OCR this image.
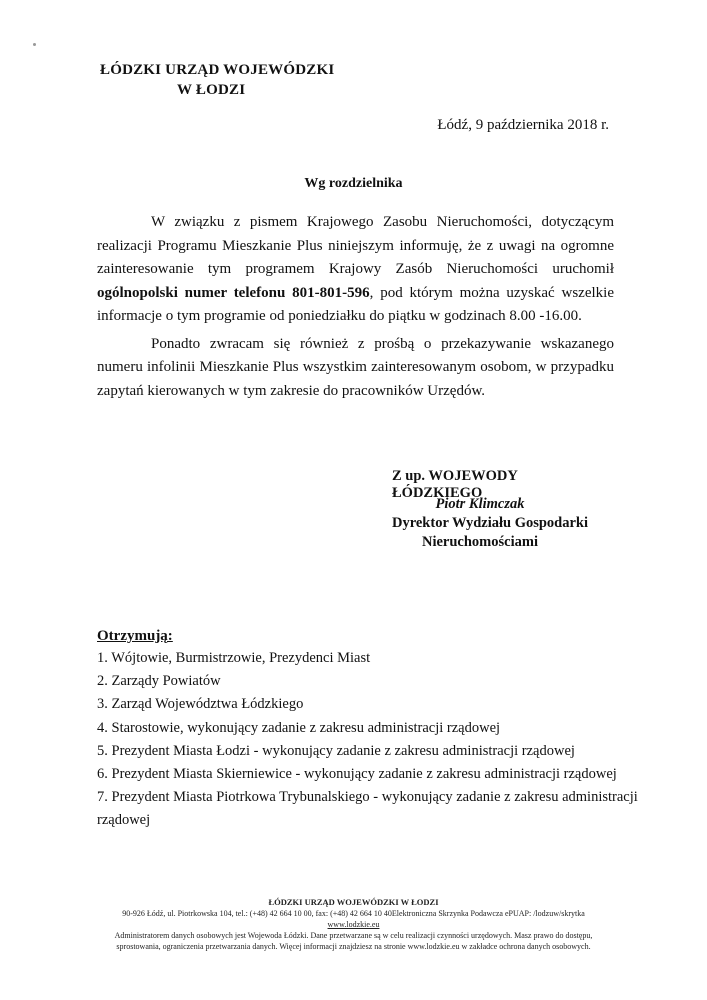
ŁÓDZKI URZĄD WOJEWÓDZKI
W ŁODZI
Łódź, 9 października 2018 r.
Wg rozdzielnika
W związku z pismem Krajowego Zasobu Nieruchomości, dotyczącym realizacji Programu Mieszkanie Plus niniejszym informuję, że z uwagi na ogromne zainteresowanie tym programem Krajowy Zasób Nieruchomości uruchomił ogólnopolski numer telefonu 801-801-596, pod którym można uzyskać wszelkie informacje o tym programie od poniedziałku do piątku w godzinach 8.00 -16.00.
Ponadto zwracam się również z prośbą o przekazywanie wskazanego numeru infolinii Mieszkanie Plus wszystkim zainteresowanym osobom, w przypadku zapytań kierowanych w tym zakresie do pracowników Urzędów.
Z up. WOJEWODY ŁÓDZKIEGO
Piotr Klimczak
Dyrektor Wydziału Gospodarki
Nieruchomościami
Otrzymują:
1. Wójtowie, Burmistrzowie, Prezydenci Miast
2. Zarządy Powiatów
3. Zarząd Województwa Łódzkiego
4. Starostowie, wykonujący zadanie z zakresu administracji rządowej
5. Prezydent Miasta Łodzi - wykonujący zadanie z zakresu administracji rządowej
6. Prezydent Miasta Skierniewice - wykonujący zadanie z zakresu administracji rządowej
7. Prezydent Miasta Piotrkowa Trybunalskiego - wykonujący zadanie z zakresu administracji
rządowej
ŁÓDZKI URZĄD WOJEWÓDZKI W ŁODZI
90-926 Łódź, ul. Piotrkowska 104, tel.: (+48) 42 664 10 00, fax: (+48) 42 664 10 40Elektroniczna Skrzynka Podawcza ePUAP: /lodzuw/skrytka
www.lodzkie.eu
Administratorem danych osobowych jest Wojewoda Łódzki. Dane przetwarzane są w celu realizacji czynności urzędowych. Masz prawo do dostępu,
sprostowania, ograniczenia przetwarzania danych. Więcej informacji znajdziesz na stronie www.lodzkie.eu w zakładce ochrona danych osobowych.
